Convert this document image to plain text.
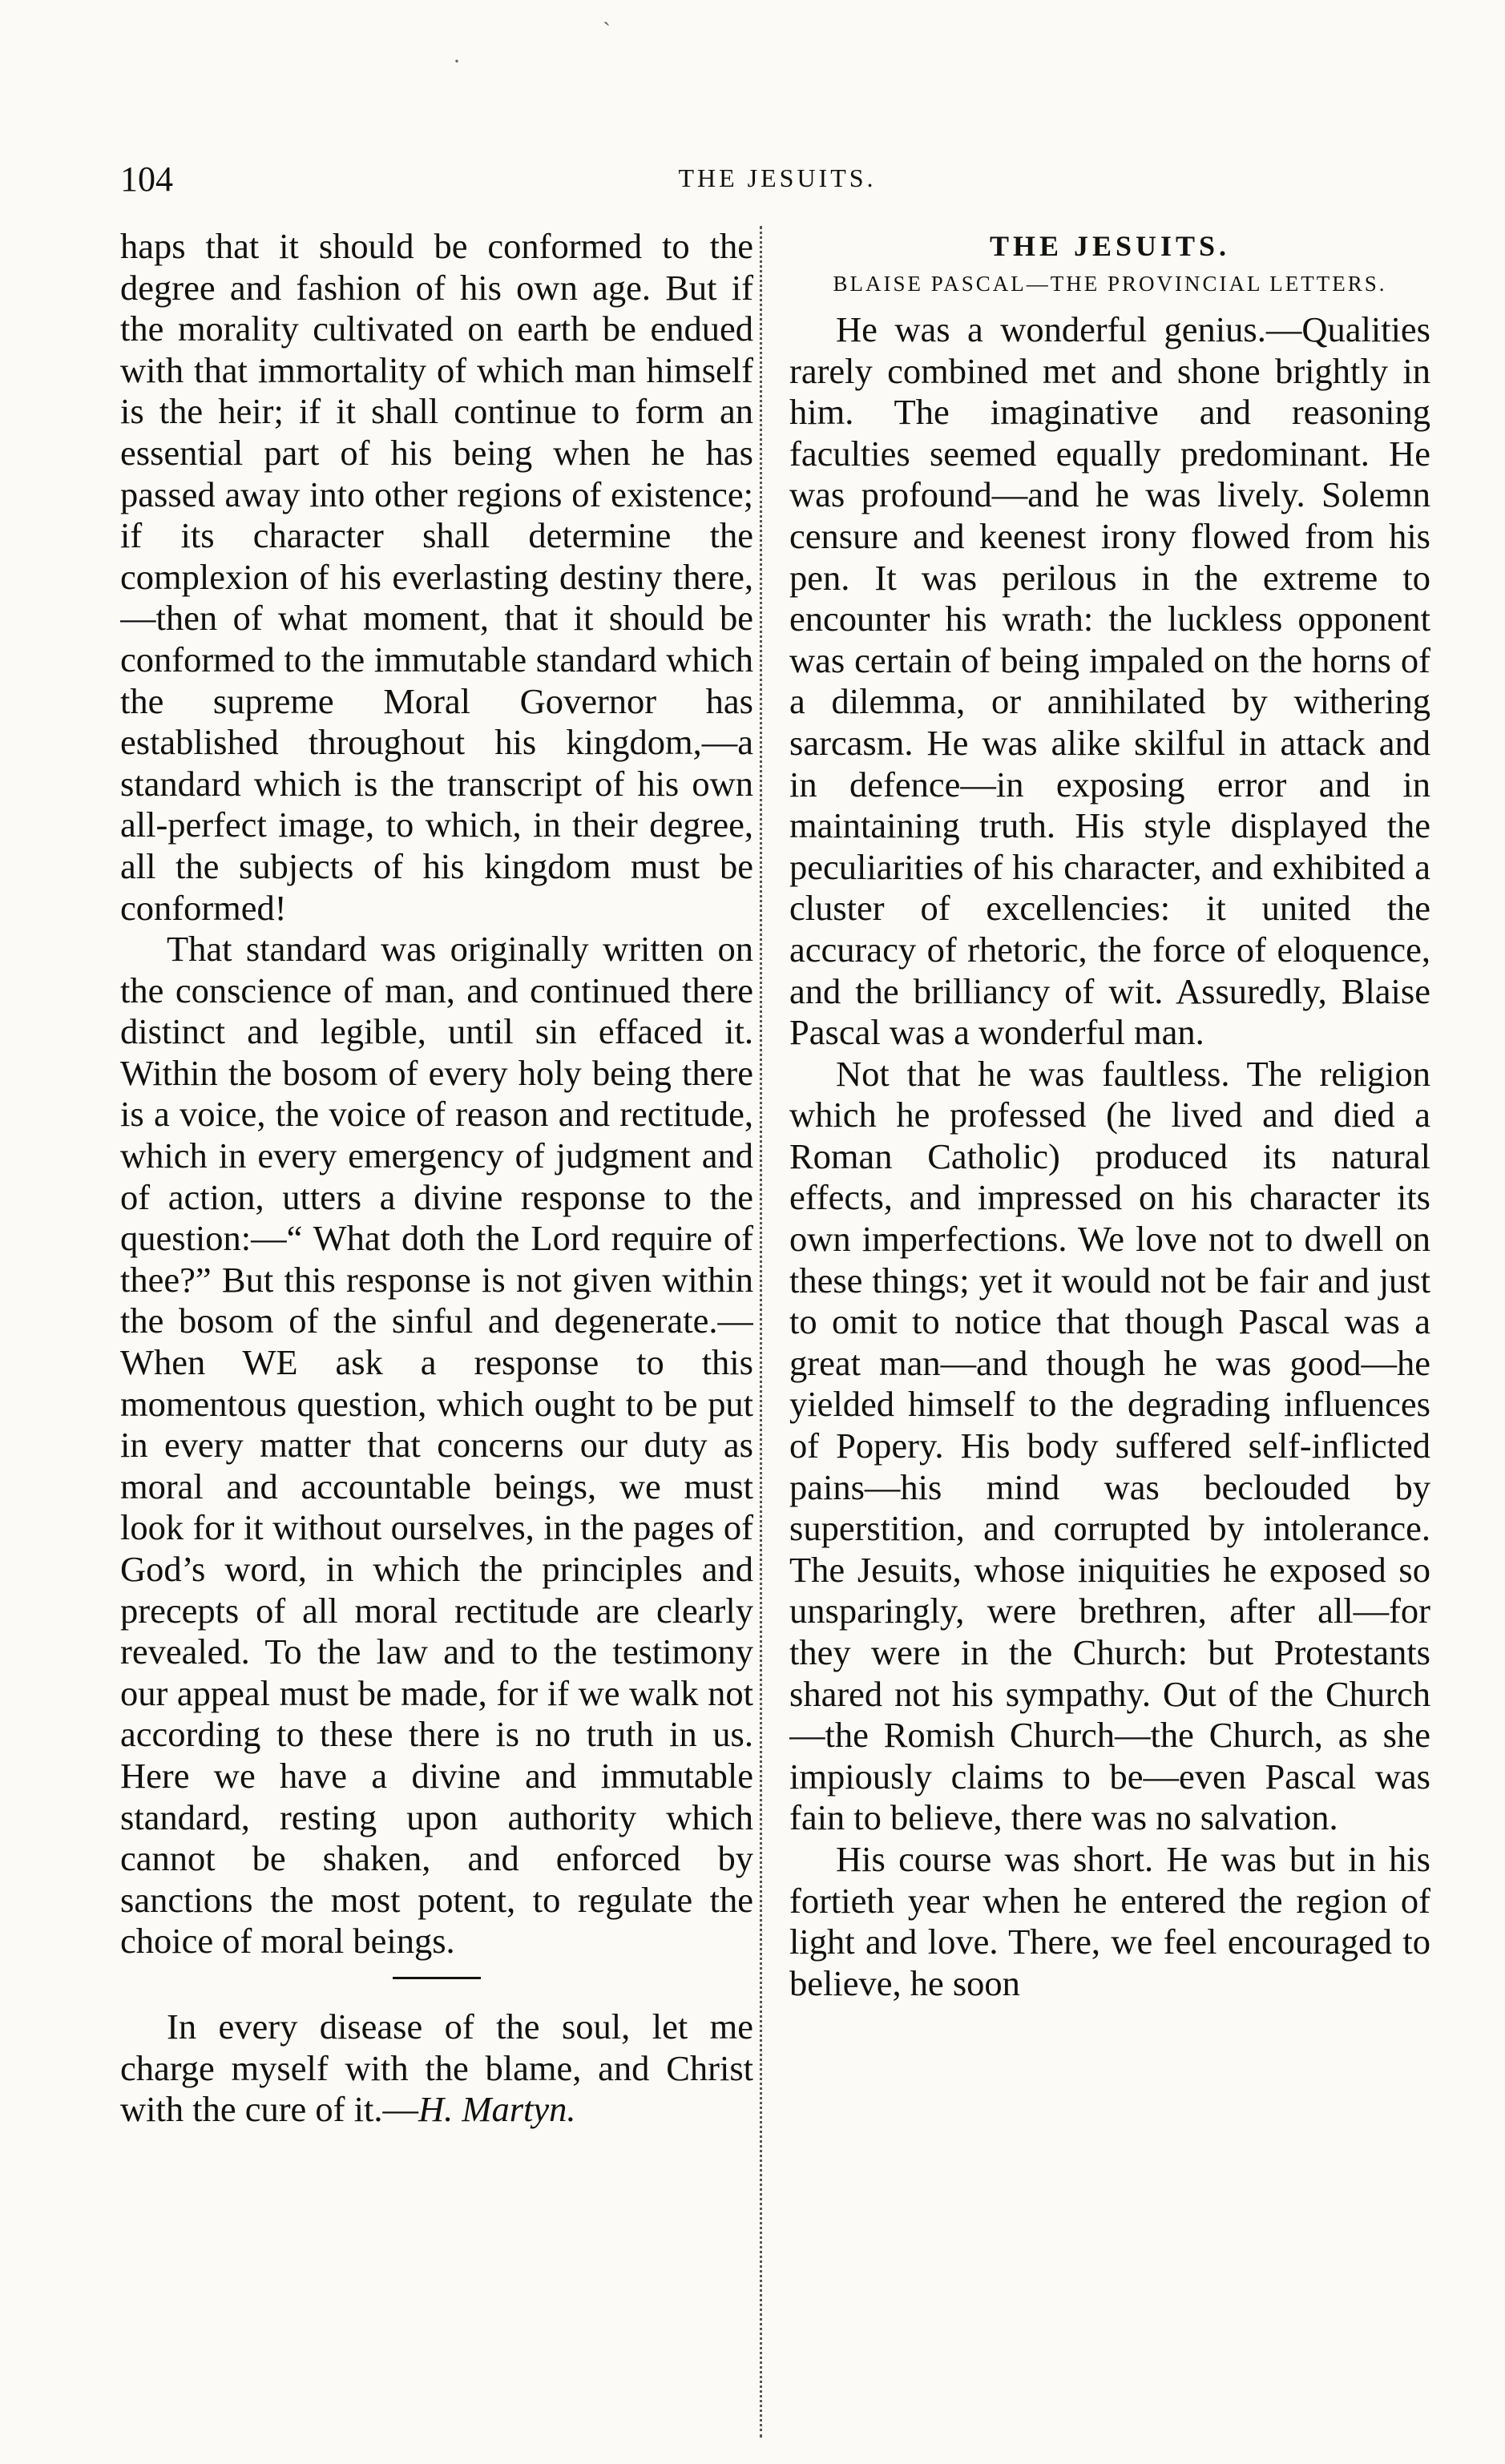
ˋ
·
104	THE JESUITS.

haps that it should be conformed to the degree and fashion of his own age. But if the morality cultivated on earth be endued with that immortality of which man himself is the heir; if it shall continue to form an essential part of his being when he has passed away into other regions of existence; if its character shall determine the complexion of his everlasting destiny there,—then of what moment, that it should be conformed to the immutable standard which the supreme Moral Governor has established throughout his kingdom,—a standard which is the transcript of his own all-perfect image, to which, in their degree, all the subjects of his kingdom must be conformed!

That standard was originally written on the conscience of man, and continued there distinct and legible, until sin effaced it. Within the bosom of every holy being there is a voice, the voice of reason and rectitude, which in every emergency of judgment and of action, utters a divine response to the question:—“ What doth the Lord require of thee?” But this response is not given within the bosom of the sinful and degenerate.—When WE ask a response to this momentous question, which ought to be put in every matter that concerns our duty as moral and accountable beings, we must look for it without ourselves, in the pages of God’s word, in which the principles and precepts of all moral rectitude are clearly revealed. To the law and to the testimony our appeal must be made, for if we walk not according to these there is no truth in us. Here we have a divine and immutable standard, resting upon authority which cannot be shaken, and enforced by sanctions the most potent, to regulate the choice of moral beings.

In every disease of the soul, let me charge myself with the blame, and Christ with the cure of it.—H. Martyn.

THE JESUITS.
BLAISE PASCAL—THE PROVINCIAL LETTERS.

He was a wonderful genius.—Qualities rarely combined met and shone brightly in him. The imaginative and reasoning faculties seemed equally predominant. He was profound—and he was lively. Solemn censure and keenest irony flowed from his pen. It was perilous in the extreme to encounter his wrath: the luckless opponent was certain of being impaled on the horns of a dilemma, or annihilated by withering sarcasm. He was alike skilful in attack and in defence—in exposing error and in maintaining truth. His style displayed the peculiarities of his character, and exhibited a cluster of excellencies: it united the accuracy of rhetoric, the force of eloquence, and the brilliancy of wit. Assuredly, Blaise Pascal was a wonderful man.

Not that he was faultless. The religion which he professed (he lived and died a Roman Catholic) produced its natural effects, and impressed on his character its own imperfections. We love not to dwell on these things; yet it would not be fair and just to omit to notice that though Pascal was a great man—and though he was good—he yielded himself to the degrading influences of Popery. His body suffered self-inflicted pains—his mind was beclouded by superstition, and corrupted by intolerance. The Jesuits, whose iniquities he exposed so unsparingly, were brethren, after all—for they were in the Church: but Protestants shared not his sympathy. Out of the Church—the Romish Church—the Church, as she impiously claims to be—even Pascal was fain to believe, there was no salvation.

His course was short. He was but in his fortieth year when he entered the region of light and love. There, we feel encouraged to believe, he soon
